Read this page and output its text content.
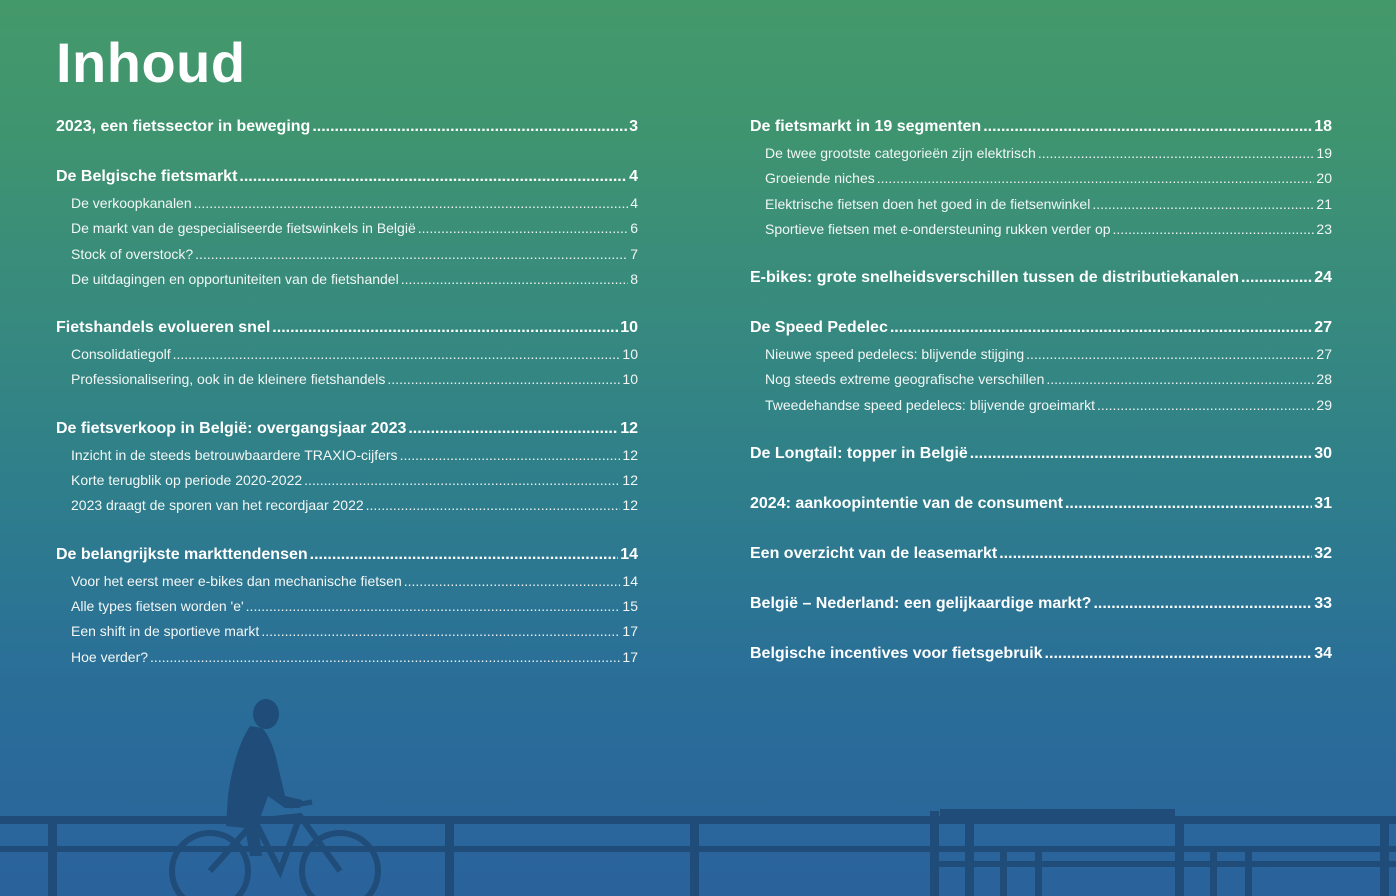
Inhoud
2023, een fietssector in beweging .....	3
De Belgische fietsmarkt .....	4
De verkoopkanalen .....	4
De markt van de gespecialiseerde fietswinkels in België .....	6
Stock of overstock? .....	7
De uitdagingen en opportuniteiten van de fietshandel .....	8
Fietshandels evolueren snel .....	10
Consolidatiegolf .....	10
Professionalisering, ook in de kleinere fietshandels .....	10
De fietsverkoop in België: overgangsjaar 2023 .....	12
Inzicht in de steeds betrouwbaardere TRAXIO-cijfers .....	12
Korte terugblik op periode 2020-2022 .....	12
2023 draagt de sporen van het recordjaar 2022 .....	12
De belangrijkste markttendensen .....	14
Voor het eerst meer e-bikes dan mechanische fietsen .....	14
Alle types fietsen worden 'e' .....	15
Een shift in de sportieve markt .....	17
Hoe verder? .....	17
De fietsmarkt in 19 segmenten .....	18
De twee grootste categorieën zijn elektrisch .....	19
Groeiende niches .....	20
Elektrische fietsen doen het goed in de fietsenwinkel .....	21
Sportieve fietsen met e-ondersteuning rukken verder op .....	23
E-bikes: grote snelheidsverschillen tussen de distributiekanalen .....	24
De Speed Pedelec .....	27
Nieuwe speed pedelecs: blijvende stijging .....	27
Nog steeds extreme geografische verschillen .....	28
Tweedehandse speed pedelecs: blijvende groeimarkt .....	29
De Longtail: topper in België .....	30
2024: aankoopintentie van de consument .....	31
Een overzicht van de leasemarkt .....	32
België – Nederland: een gelijkaardige markt? .....	33
Belgische incentives voor fietsgebruik .....	34
